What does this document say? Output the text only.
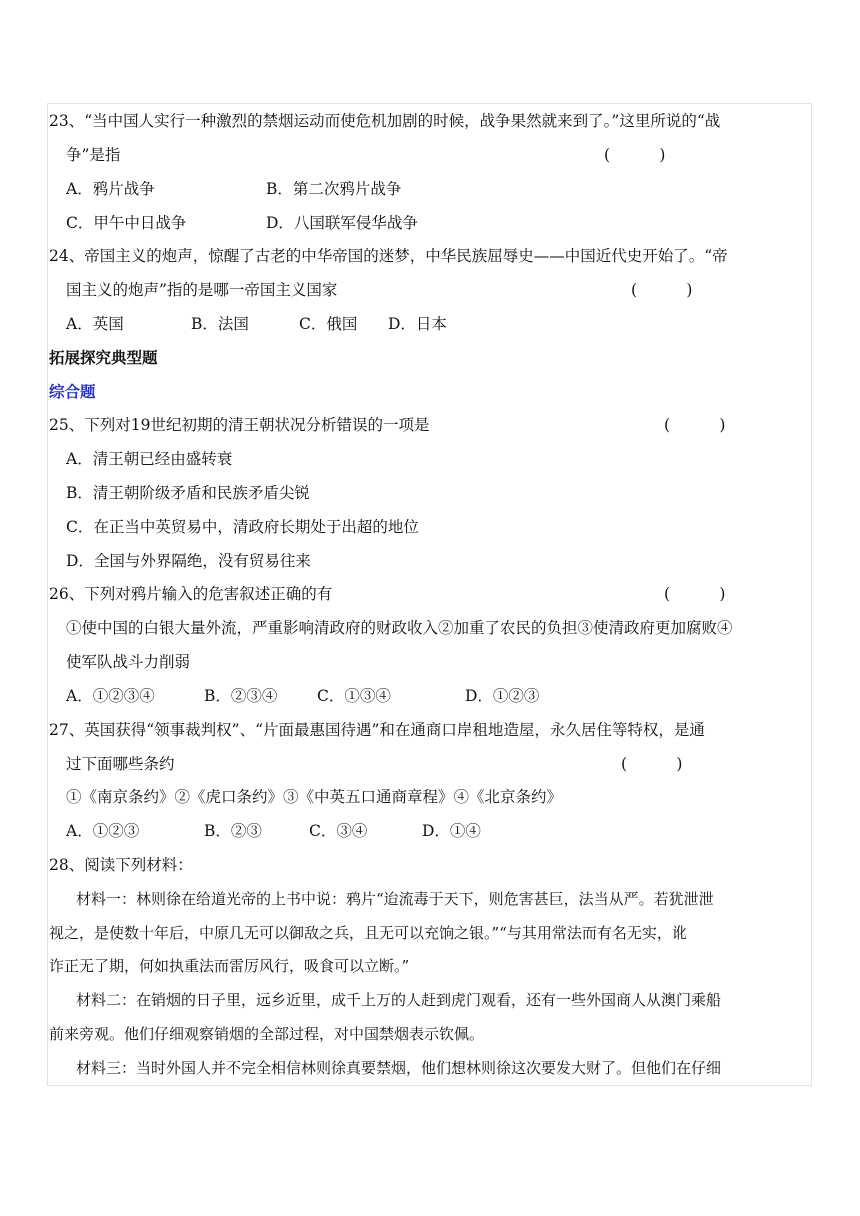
23、“当中国人实行一种激烈的禁烟运动而使危机加剧的时候，战争果然就来到了。”这里所说的“战
争”是指	(          )
A．鸦片战争	B．第二次鸦片战争
C．甲午中日战争	D．八国联军侵华战争
24、帝国主义的炮声，惊醒了古老的中华帝国的迷梦，中华民族屈辱史——中国近代史开始了。“帝
国主义的炮声”指的是哪一帝国主义国家	(          )
A．英国	B．法国	C．俄国 D．日本
拓展探究典型题
综合题
25、下列对19世纪初期的清王朝状况分析错误的一项是	(          )
A．清王朝已经由盛转衰
B．清王朝阶级矛盾和民族矛盾尖锐
C．在正当中英贸易中，清政府长期处于出超的地位
D．全国与外界隔绝，没有贸易往来
26、下列对鸦片输入的危害叙述正确的有	(          )
①使中国的白银大量外流，严重影响清政府的财政收入②加重了农民的负担③使清政府更加腐败④
使军队战斗力削弱
A．①②③④	B．②③④	C．①③④	D．①②③
27、英国获得“领事裁判权”、“片面最惠国待遇”和在通商口岸租地造屋，永久居住等特权，是通
过下面哪些条约	(          )
①《南京条约》②《虎口条约》③《中英五口通商章程》④《北京条约》
A．①②③	B．②③	C．③④	D．①④
28、阅读下列材料：
材料一：林则徐在给道光帝的上书中说：鸦片“迨流毒于天下，则危害甚巨，法当从严。若犹泄泄
视之，是使数十年后，中原几无可以御敌之兵，且无可以充饷之银。”“与其用常法而有名无实，讹
诈正无了期，何如执重法而雷厉风行，吸食可以立断。”
材料二：在销烟的日子里，远乡近里，成千上万的人赶到虎门观看，还有一些外国商人从澳门乘船
前来旁观。他们仔细观察销烟的全部过程，对中国禁烟表示钦佩。
材料三：当时外国人并不完全相信林则徐真要禁烟，他们想林则徐这次要发大财了。但他们在仔细
